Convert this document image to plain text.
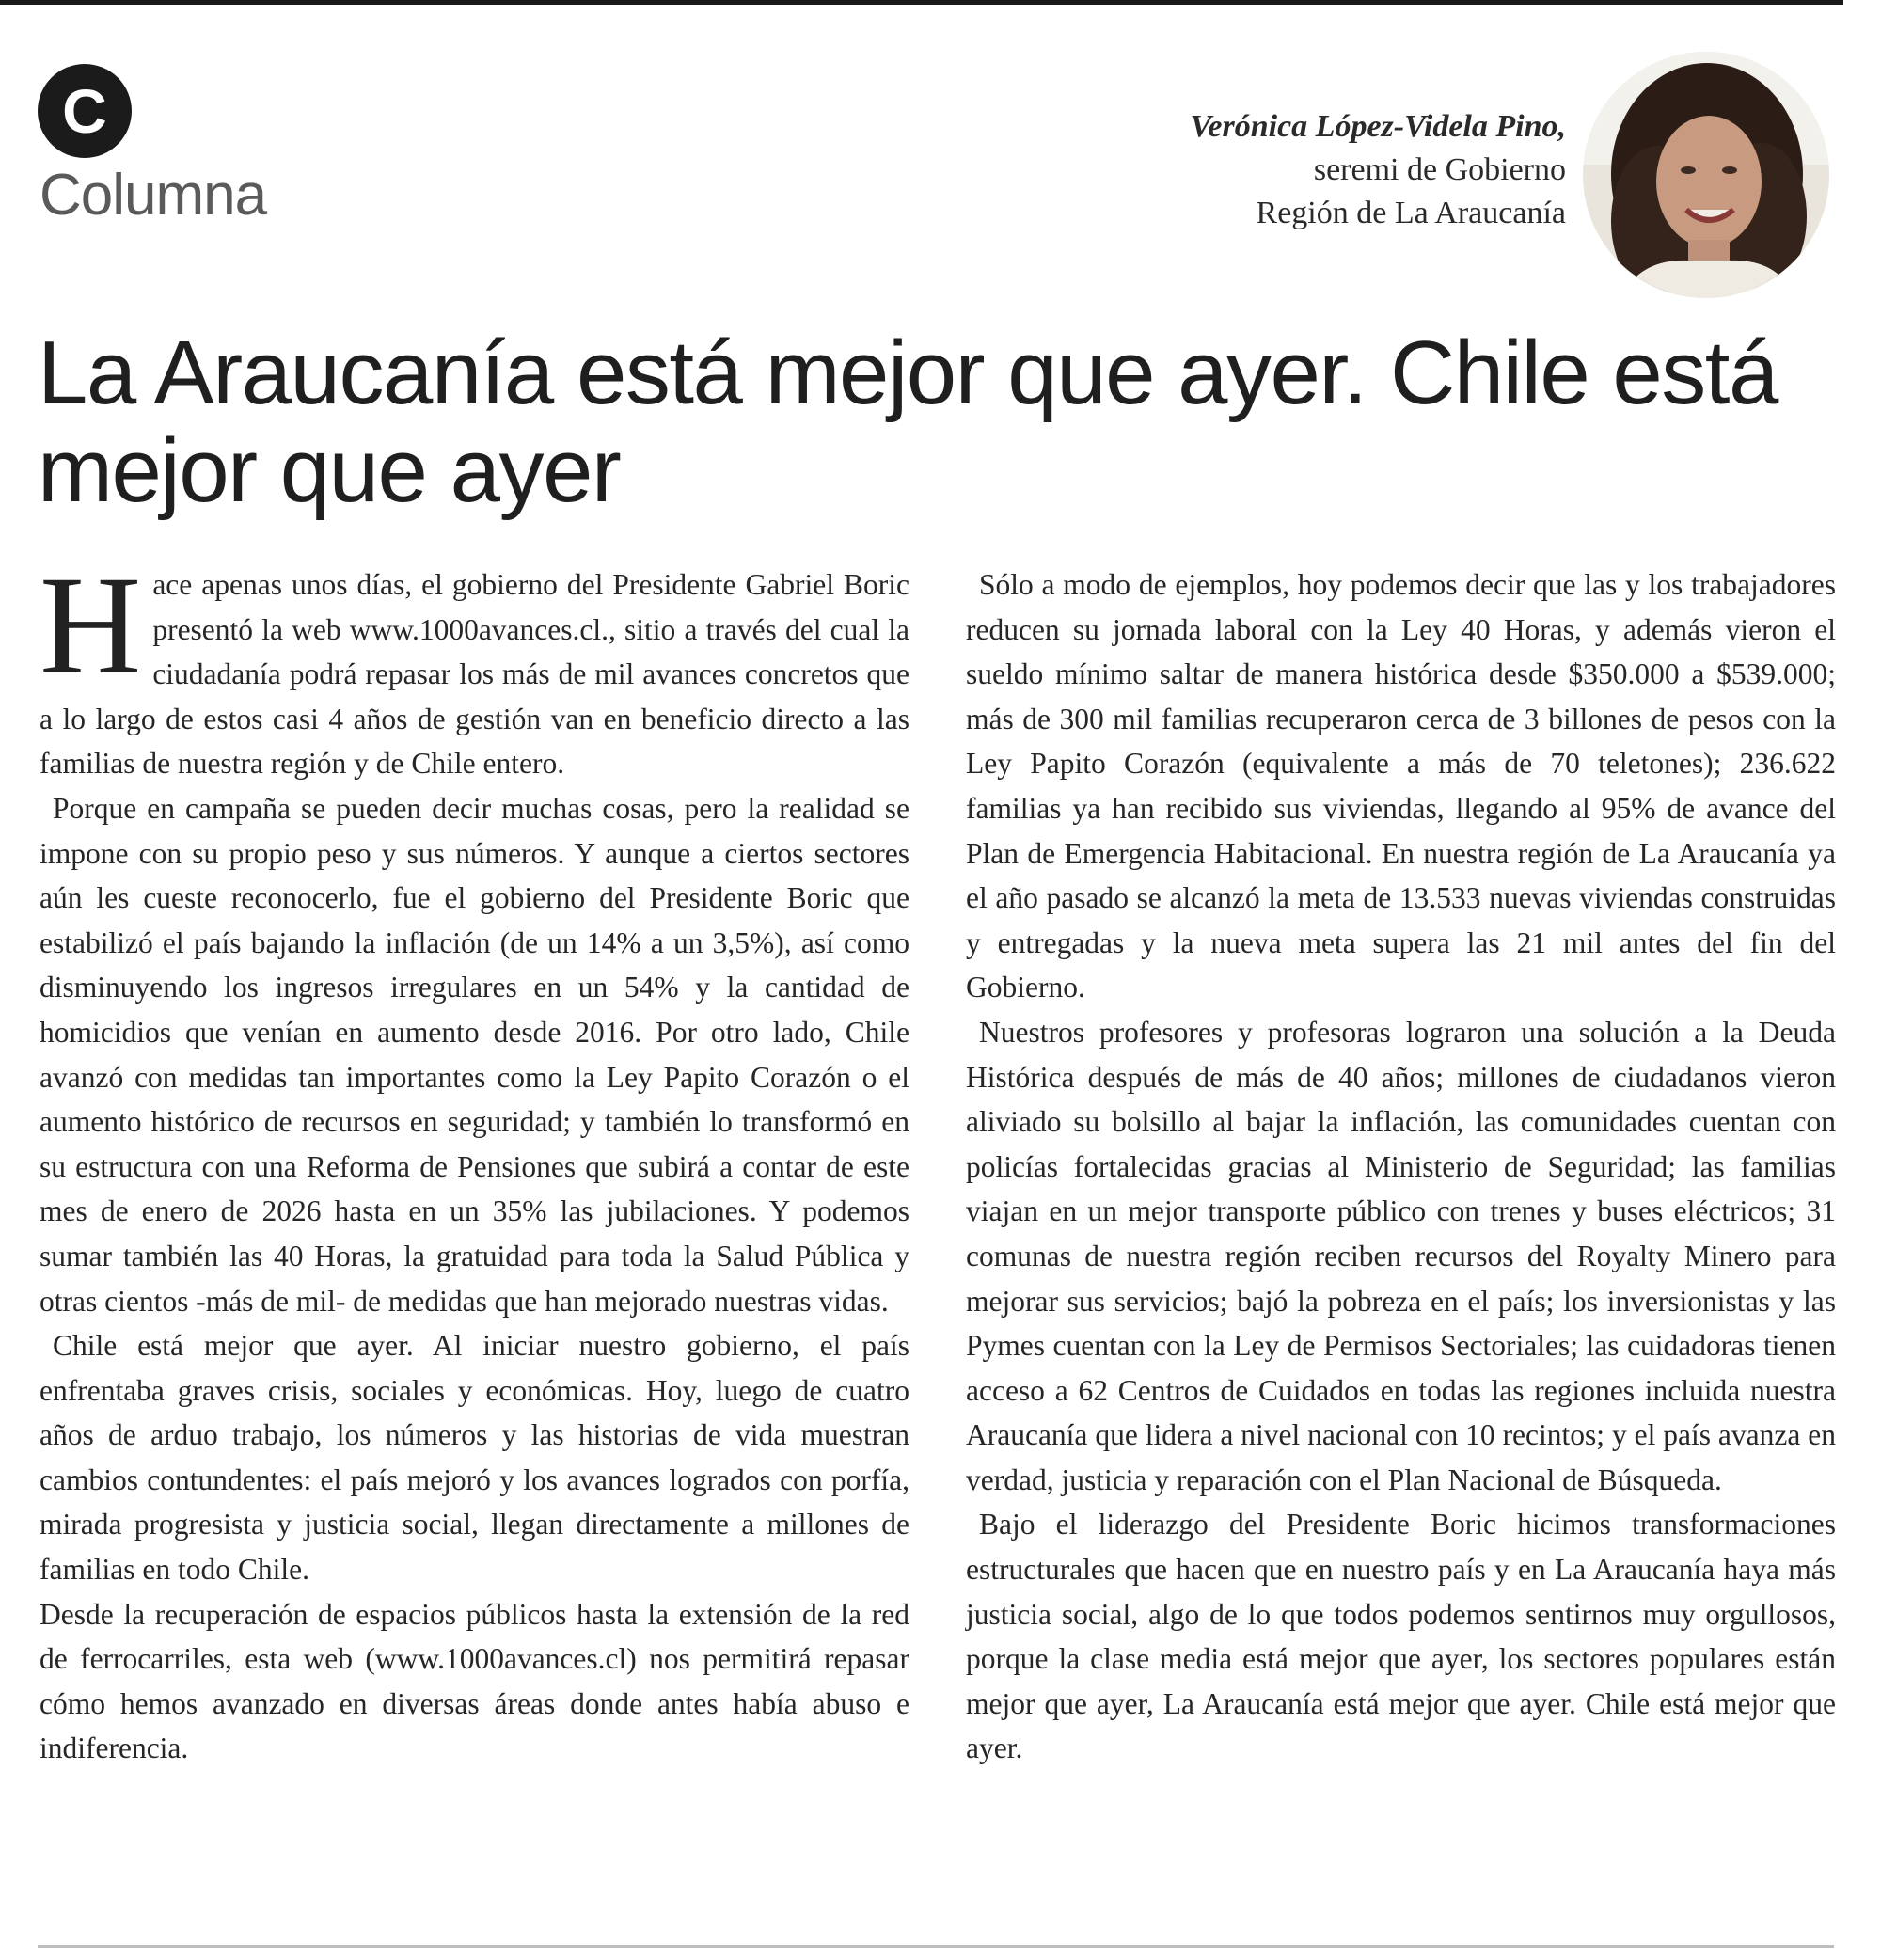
C
Columna
Verónica López-Videla Pino,
seremi de Gobierno
Región de La Araucanía
La Araucanía está mejor que ayer. Chile está mejor que ayer

Hace apenas unos días, el gobierno del Presidente Gabriel Boric presentó la web www.1000avances.cl., sitio a través del cual la ciudadanía podrá repasar los más de mil avances concretos que a lo largo de estos casi 4 años de gestión van en beneficio directo a las familias de nuestra región y de Chile entero.

Porque en campaña se pueden decir muchas cosas, pero la realidad se impone con su propio peso y sus números. Y aunque a ciertos sectores aún les cueste reconocerlo, fue el gobierno del Presidente Boric que estabilizó el país bajando la inflación (de un 14% a un 3,5%), así como disminuyendo los ingresos irregulares en un 54% y la cantidad de homicidios que venían en aumento desde 2016. Por otro lado, Chile avanzó con medidas tan importantes como la Ley Papito Corazón o el aumento histórico de recursos en seguridad; y también lo transformó en su estructura con una Reforma de Pensiones que subirá a contar de este mes de enero de 2026 hasta en un 35% las jubilaciones. Y podemos sumar también las 40 Horas, la gratuidad para toda la Salud Pública y otras cientos -más de mil- de medidas que han mejorado nuestras vidas.

Chile está mejor que ayer. Al iniciar nuestro gobierno, el país enfrentaba graves crisis, sociales y económicas. Hoy, luego de cuatro años de arduo trabajo, los números y las historias de vida muestran cambios contundentes: el país mejoró y los avances logrados con porfía, mirada progresista y justicia social, llegan directamente a millones de familias en todo Chile.

Desde la recuperación de espacios públicos hasta la extensión de la red de ferrocarriles, esta web (www.1000avances.cl) nos permitirá repasar cómo hemos avanzado en diversas áreas donde antes había abuso e indiferencia.

Sólo a modo de ejemplos, hoy podemos decir que las y los trabajadores reducen su jornada laboral con la Ley 40 Horas, y además vieron el sueldo mínimo saltar de manera histórica desde $350.000 a $539.000; más de 300 mil familias recuperaron cerca de 3 billones de pesos con la Ley Papito Corazón (equivalente a más de 70 teletones); 236.622 familias ya han recibido sus viviendas, llegando al 95% de avance del Plan de Emergencia Habitacional. En nuestra región de La Araucanía ya el año pasado se alcanzó la meta de 13.533 nuevas viviendas construidas y entregadas y la nueva meta supera las 21 mil antes del fin del Gobierno.

Nuestros profesores y profesoras lograron una solución a la Deuda Histórica después de más de 40 años; millones de ciudadanos vieron aliviado su bolsillo al bajar la inflación, las comunidades cuentan con policías fortalecidas gracias al Ministerio de Seguridad; las familias viajan en un mejor transporte público con trenes y buses eléctricos; 31 comunas de nuestra región reciben recursos del Royalty Minero para mejorar sus servicios; bajó la pobreza en el país; los inversionistas y las Pymes cuentan con la Ley de Permisos Sectoriales; las cuidadoras tienen acceso a 62 Centros de Cuidados en todas las regiones incluida nuestra Araucanía que lidera a nivel nacional con 10 recintos; y el país avanza en verdad, justicia y reparación con el Plan Nacional de Búsqueda.

Bajo el liderazgo del Presidente Boric hicimos transformaciones estructurales que hacen que en nuestro país y en La Araucanía haya más justicia social, algo de lo que todos podemos sentirnos muy orgullosos, porque la clase media está mejor que ayer, los sectores populares están mejor que ayer, La Araucanía está mejor que ayer. Chile está mejor que ayer.
